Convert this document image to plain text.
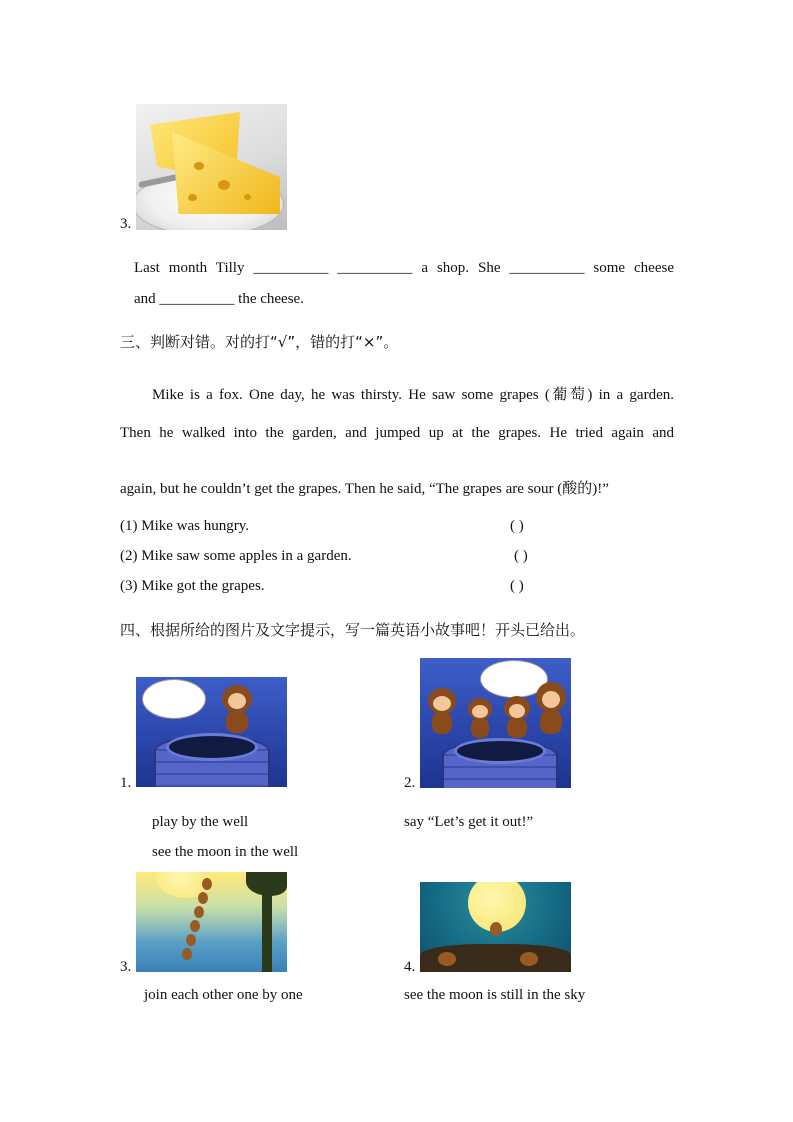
3.
Last month Tilly __________ __________ a shop. She __________ some cheese
and __________ the cheese.
三、判断对错。对的打“√”，错的打“×”。
Mike is a fox. One day, he was thirsty. He saw some grapes (葡萄) in a garden.
Then he walked into the garden, and jumped up at the grapes. He tried again and
again, but he couldn’t get the grapes. Then he said, “The grapes are sour (酸的)!”
(1) Mike was hungry.	( )
(2) Mike saw some apples in a garden.	( )
(3) Mike got the grapes.	( )
四、根据所给的图片及文字提示，写一篇英语小故事吧！开头已给出。
1.	2.
play by the well
see the moon in the well
say “Let’s get it out!”
3.	4.
join each other one by one	see the moon is still in the sky
